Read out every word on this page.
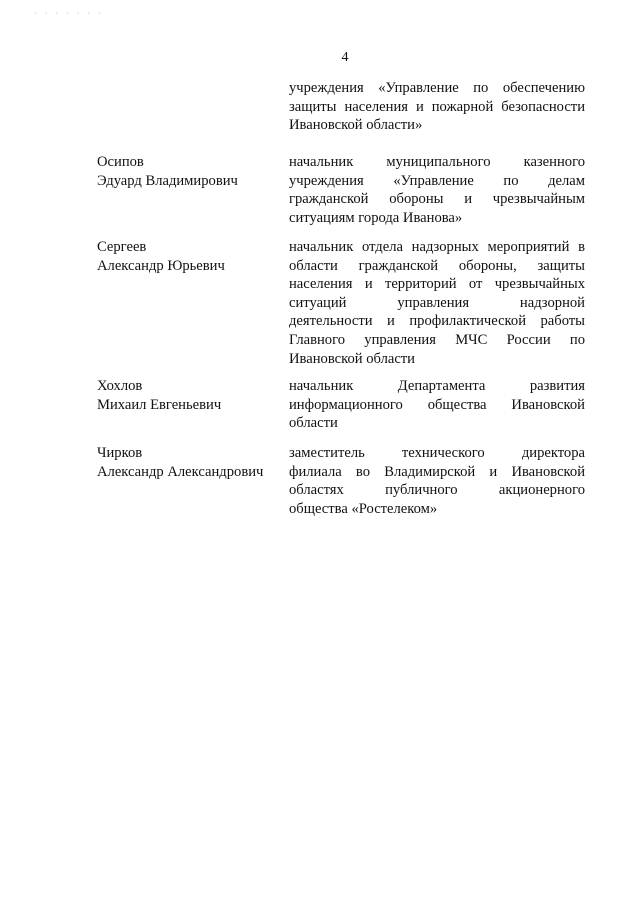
· · · · · · ·
4
учреждения «Управление по обеспечению
защиты населения и пожарной безопасности
Ивановской области»
Осипов
Эдуард Владимирович
начальник муниципального казенного
учреждения «Управление по делам
гражданской обороны и чрезвычайным
ситуациям города Иванова»
Сергеев
Александр Юрьевич
начальник отдела надзорных мероприятий в
области гражданской обороны, защиты
населения и территорий от чрезвычайных
ситуаций управления надзорной
деятельности и профилактической работы
Главного управления МЧС России по
Ивановской области
Хохлов
Михаил Евгеньевич
начальник Департамента развития
информационного общества Ивановской
области
Чирков
Александр Александрович
заместитель технического директора
филиала во Владимирской и Ивановской
областях публичного акционерного
общества «Ростелеком»
